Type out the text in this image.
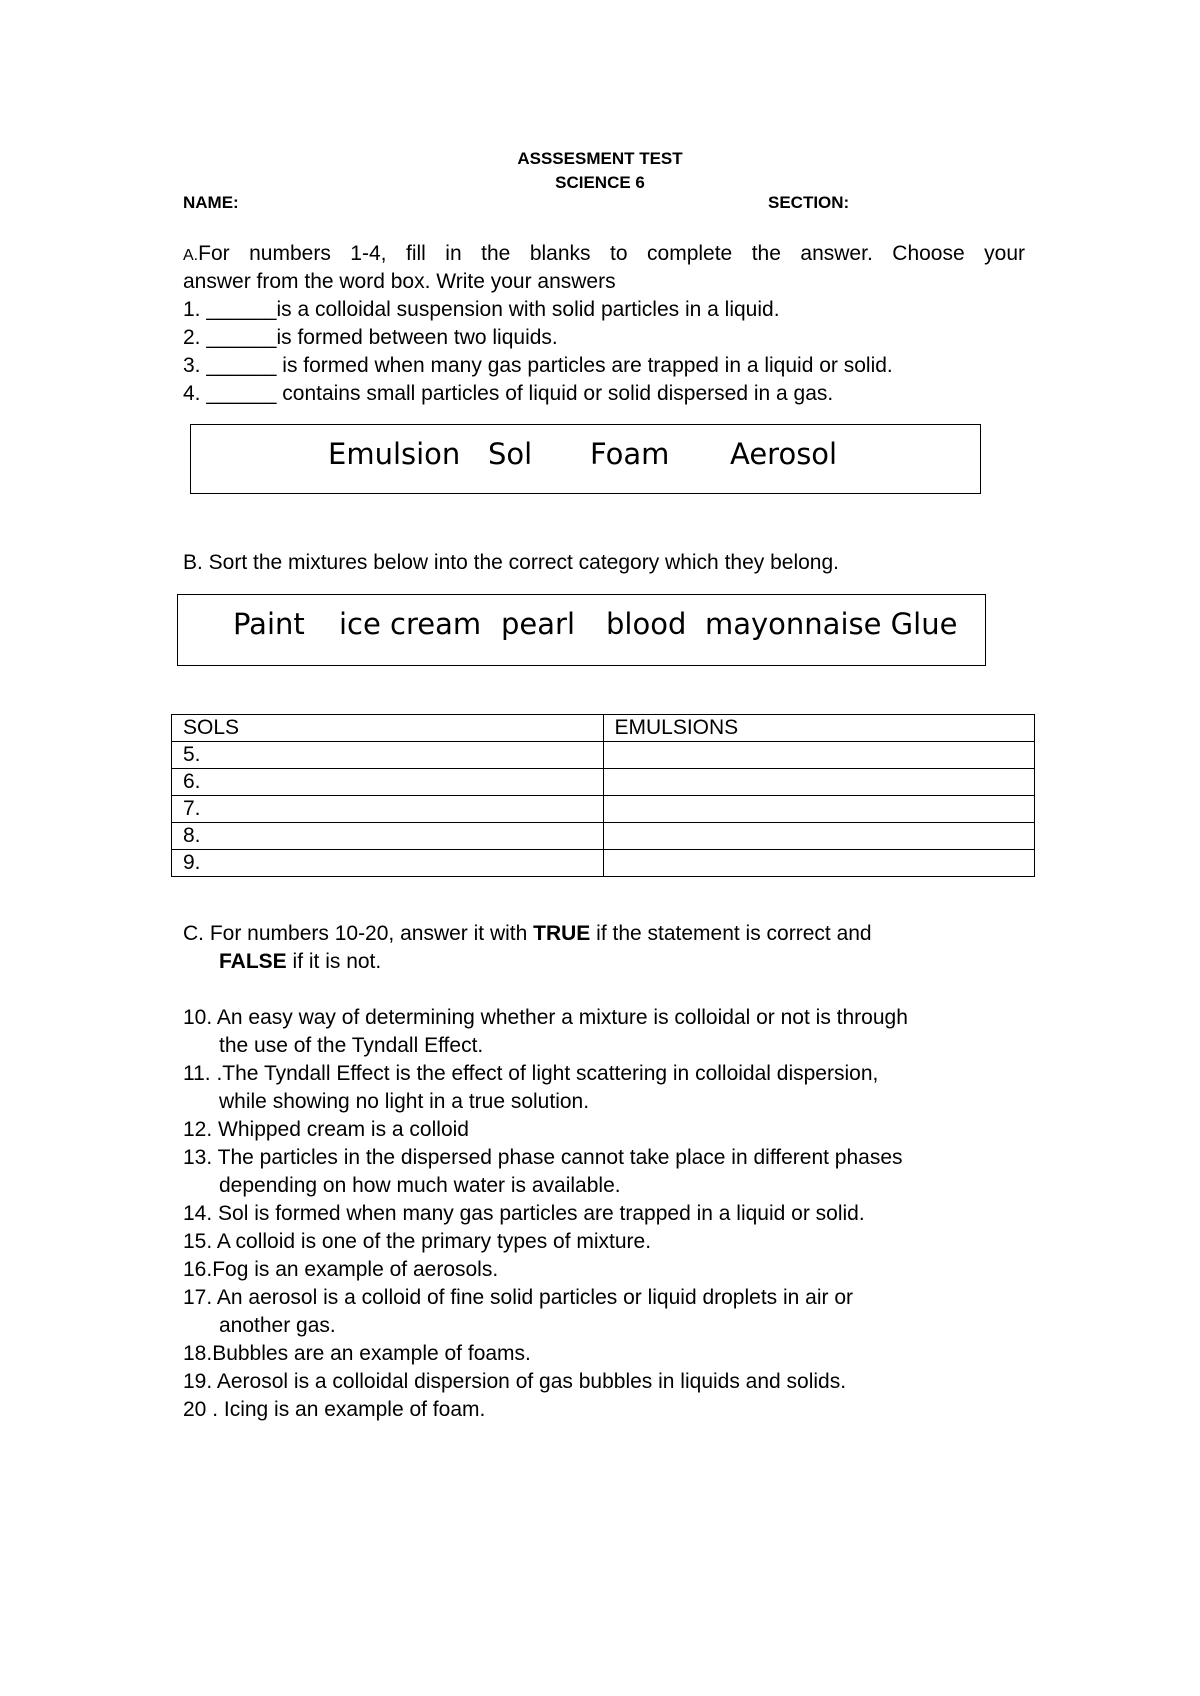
ASSSESMENT TEST
SCIENCE 6
NAME:	SECTION:
A.For numbers 1-4, fill in the blanks to complete the answer. Choose your
answer from the word box. Write your answers
1. ______is a colloidal suspension with solid particles in a liquid.
2. ______is formed between two liquids.
3. ______ is formed when many gas particles are trapped in a liquid or solid.
4. ______ contains small particles of liquid or solid dispersed in a gas.
Emulsion Sol Foam Aerosol
B. Sort the mixtures below into the correct category which they belong.
Paint ice cream pearl blood mayonnaise Glue
SOLS	EMULSIONS
5.	
6.	
7.	
8.	
9.	
C. For numbers 10-20, answer it with TRUE if the statement is correct and
FALSE if it is not.
10. An easy way of determining whether a mixture is colloidal or not is through
the use of the Tyndall Effect.
11. .The Tyndall Effect is the effect of light scattering in colloidal dispersion,
while showing no light in a true solution.
12. Whipped cream is a colloid
13. The particles in the dispersed phase cannot take place in different phases
depending on how much water is available.
14. Sol is formed when many gas particles are trapped in a liquid or solid.
15. A colloid is one of the primary types of mixture.
16.Fog is an example of aerosols.
17. An aerosol is a colloid of fine solid particles or liquid droplets in air or
another gas.
18.Bubbles are an example of foams.
19. Aerosol is a colloidal dispersion of gas bubbles in liquids and solids.
20 . Icing is an example of foam.
